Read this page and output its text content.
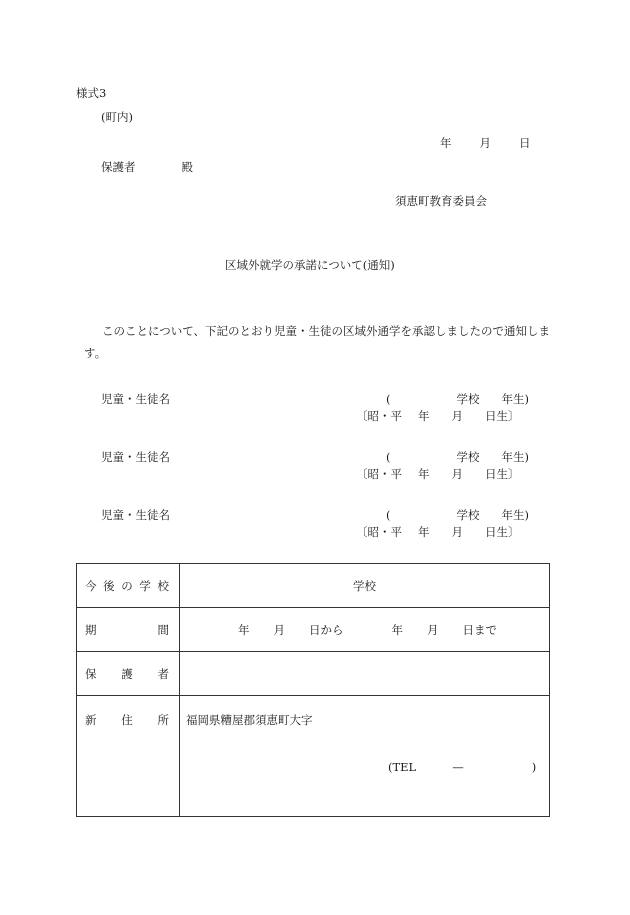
様式3
(町内)
年 月 日
保護者	殿
須恵町教育委員会
区域外就学の承諾について(通知)
このことについて、下記のとおり児童・生徒の区域外通学を承認しましたので通知します。
児童・生徒名	(	学校 年生)
〔昭・平 年 月 日生〕
児童・生徒名	(	学校 年生)
〔昭・平 年 月 日生〕
児童・生徒名	(	学校 年生)
〔昭・平 年 月 日生〕
今 後 の 学 校	学校

期 間	年 月 日から 年 月 日まで

保 護 者	

新 住 所	福岡県糟屋郡須恵町大字
(TEL — )
